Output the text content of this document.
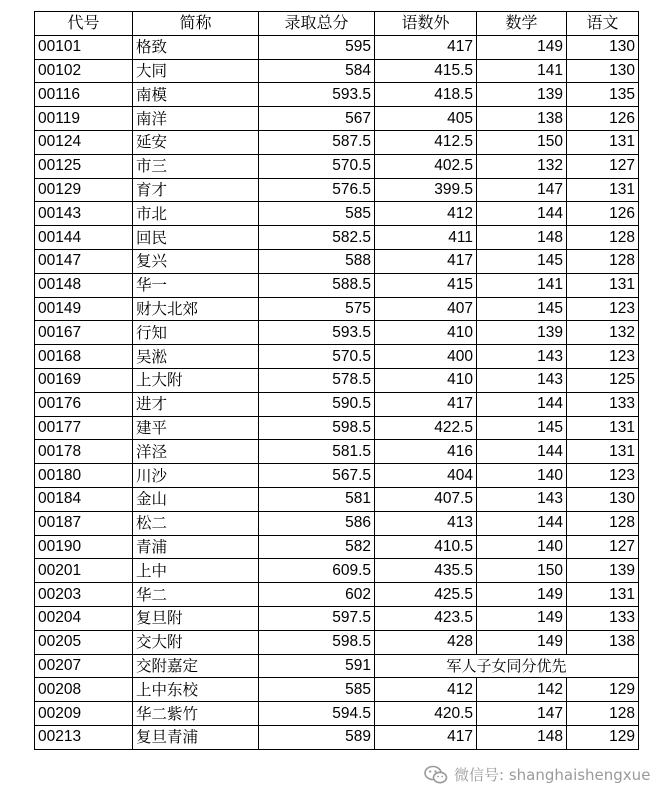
代号	简称	录取总分	语数外	数学	语文
00101	格致	595	417	149	130
00102	大同	584	415.5	141	130
00116	南模	593.5	418.5	139	135
00119	南洋	567	405	138	126
00124	延安	587.5	412.5	150	131
00125	市三	570.5	402.5	132	127
00129	育才	576.5	399.5	147	131
00143	市北	585	412	144	126
00144	回民	582.5	411	148	128
00147	复兴	588	417	145	128
00148	华一	588.5	415	141	131
00149	财大北郊	575	407	145	123
00167	行知	593.5	410	139	132
00168	吴淞	570.5	400	143	123
00169	上大附	578.5	410	143	125
00176	进才	590.5	417	144	133
00177	建平	598.5	422.5	145	131
00178	洋泾	581.5	416	144	131
00180	川沙	567.5	404	140	123
00184	金山	581	407.5	143	130
00187	松二	586	413	144	128
00190	青浦	582	410.5	140	127
00201	上中	609.5	435.5	150	139
00203	华二	602	425.5	149	131
00204	复旦附	597.5	423.5	149	133
00205	交大附	598.5	428	149	138
00207	交附嘉定	591	军人子女同分优先		
00208	上中东校	585	412	142	129
00209	华二紫竹	594.5	420.5	147	128
00213	复旦青浦	589	417	148	129
微信号: shanghaishengxue
